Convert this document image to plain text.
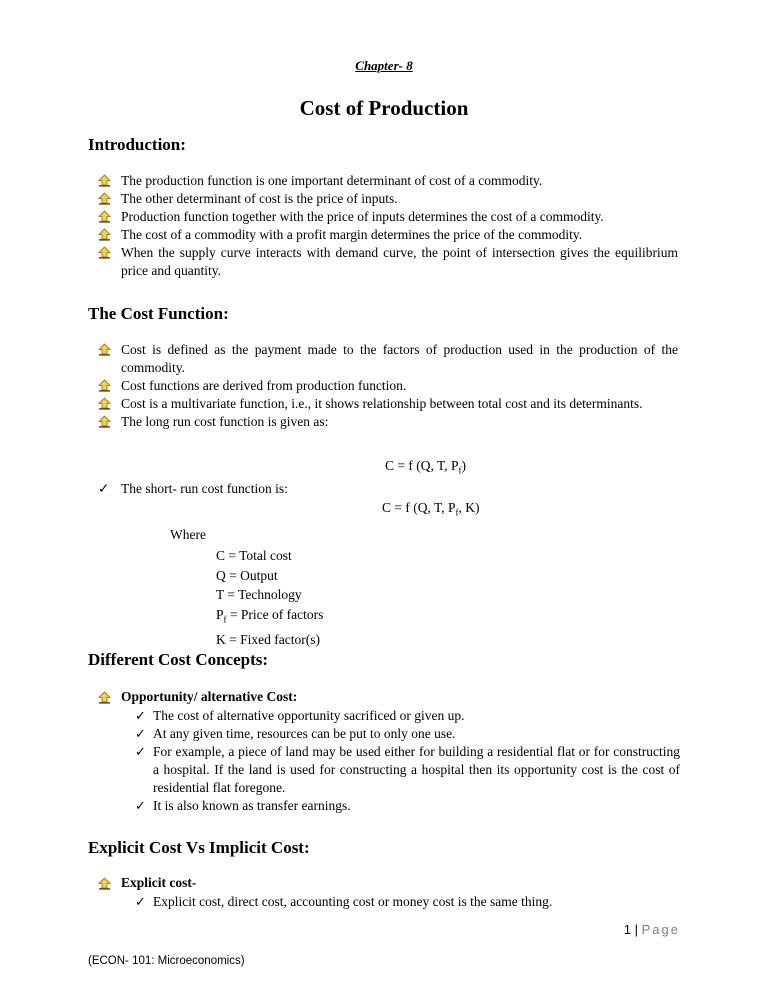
Chapter- 8
Cost of Production
Introduction:
The production function is one important determinant of cost of a commodity.
The other determinant of cost is the price of inputs.
Production function together with the price of inputs determines the cost of a commodity.
The cost of a commodity with a profit margin determines the price of the commodity.
When the supply curve interacts with demand curve, the point of intersection gives the equilibrium price and quantity.
The Cost Function:
Cost is defined as the payment made to the factors of production used in the production of the commodity.
Cost functions are derived from production function.
Cost is a multivariate function, i.e., it shows relationship between total cost and its determinants.
The long run cost function is given as:
C = f (Q, T, $P_f$)
✓ The short- run cost function is:
C = f (Q, T, $P_f$, K)
Where
C = Total cost
Q = Output
T = Technology
$P_f$ = Price of factors
K = Fixed factor(s)
Different Cost Concepts:
Opportunity/ alternative Cost:
✓ The cost of alternative opportunity sacrificed or given up.
✓ At any given time, resources can be put to only one use.
✓ For example, a piece of land may be used either for building a residential flat or for constructing a hospital. If the land is used for constructing a hospital then its opportunity cost is the cost of residential flat foregone.
✓ It is also known as transfer earnings.
Explicit Cost Vs Implicit Cost:
Explicit cost-
✓ Explicit cost, direct cost, accounting cost or money cost is the same thing.
1 | Page
(ECON- 101: Microeconomics)
